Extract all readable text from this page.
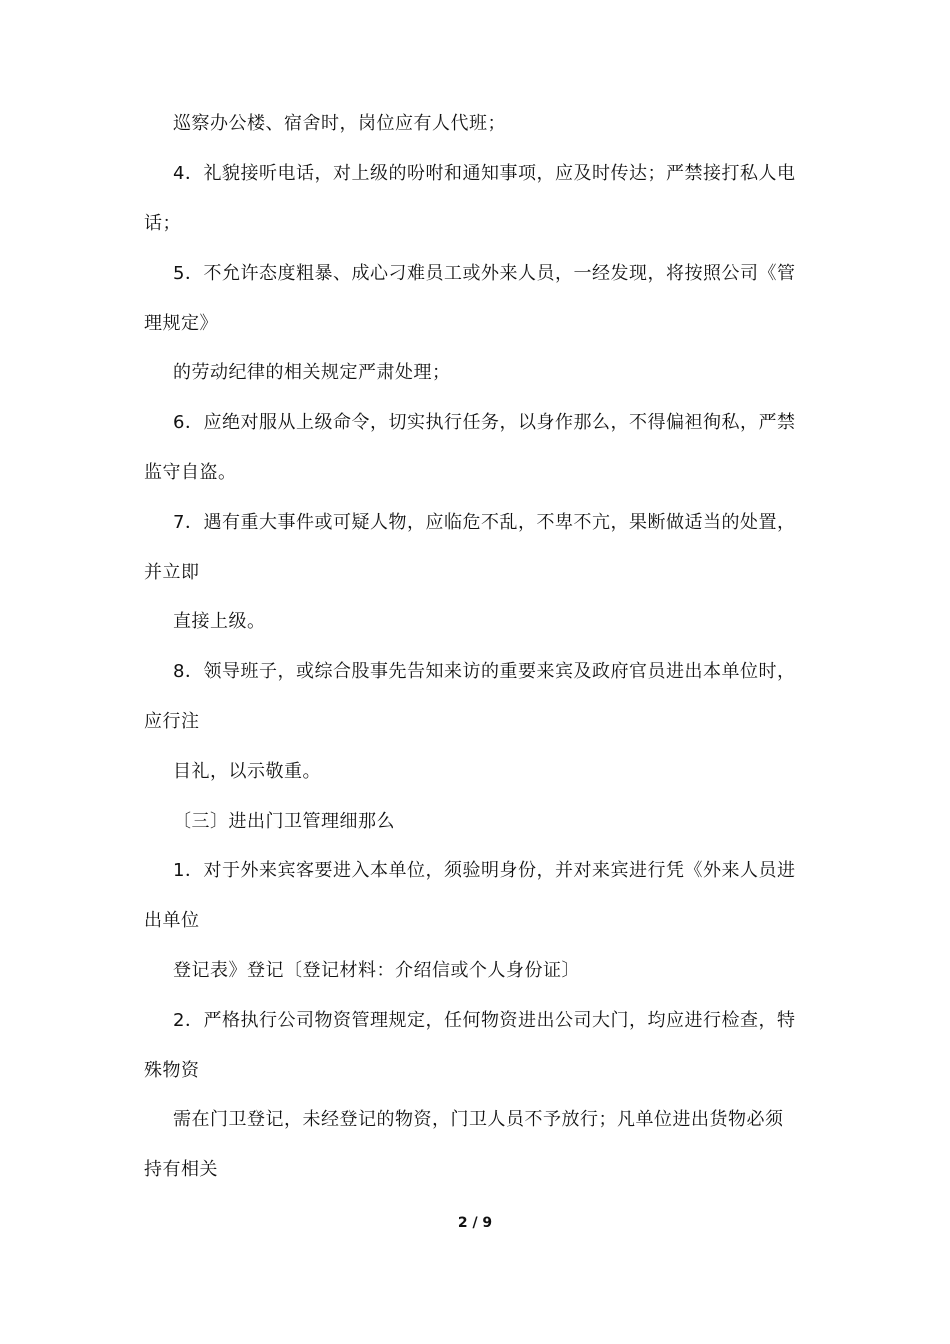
巡察办公楼、宿舍时，岗位应有人代班；
4．礼貌接听电话，对上级的吩咐和通知事项，应及时传达；严禁接打私人电
话；
5．不允许态度粗暴、成心刁难员工或外来人员，一经发现，将按照公司《管
理规定》
的劳动纪律的相关规定严肃处理；
6．应绝对服从上级命令，切实执行任务，以身作那么，不得偏袒徇私，严禁
监守自盗。
7．遇有重大事件或可疑人物，应临危不乱，不卑不亢，果断做适当的处置，
并立即
直接上级。
8．领导班子，或综合股事先告知来访的重要来宾及政府官员进出本单位时，
应行注
目礼，以示敬重。
〔三〕进出门卫管理细那么
1．对于外来宾客要进入本单位，须验明身份，并对来宾进行凭《外来人员进
出单位
登记表》登记〔登记材料：介绍信或个人身份证〕
2．严格执行公司物资管理规定，任何物资进出公司大门，均应进行检查，特
殊物资
需在门卫登记，未经登记的物资，门卫人员不予放行；凡单位进出货物必须
持有相关
2 / 9
